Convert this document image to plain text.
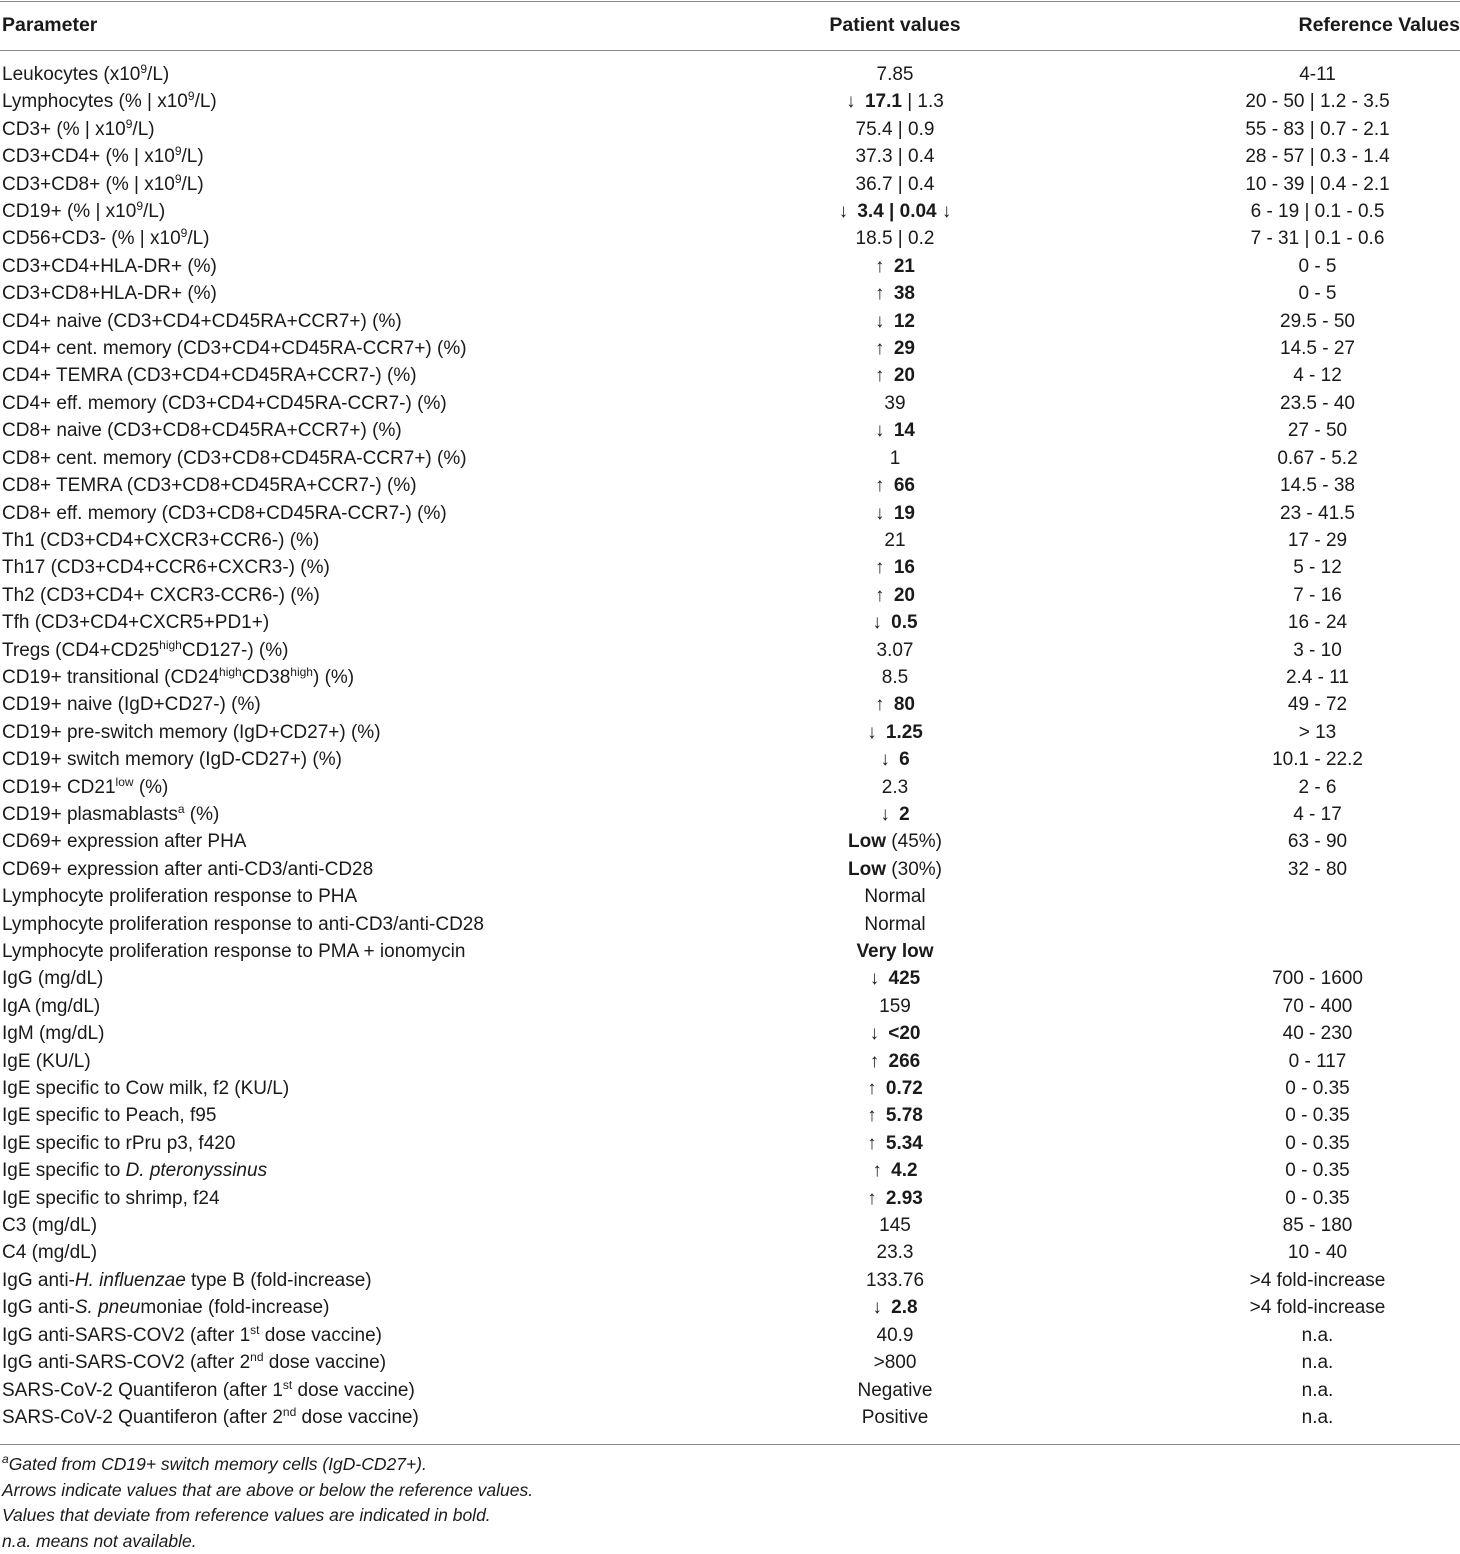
Parameter	Patient values	Reference Values
Leukocytes $(x10^9/L)$	7.85	4-11
Lymphocytes (% | $x10^9/L$)	↓ 17.1 | 1.3	20 - 50 | 1.2 - 3.5
CD3+ (% | $x10^9/L$)	75.4 | 0.9	55 - 83 | 0.7 - 2.1
CD3+CD4+ (% | $x10^9/L$)	37.3 | 0.4	28 - 57 | 0.3 - 1.4
CD3+CD8+ (% | $x10^9/L$)	36.7 | 0.4	10 - 39 | 0.4 - 2.1
CD19+ (% | $x10^9/L$)	↓ 3.4 | 0.04 ↓	6 - 19 | 0.1 - 0.5
CD56+CD3- (% | $x10^9/L$)	18.5 | 0.2	7 - 31 | 0.1 - 0.6
CD3+CD4+HLA-DR+ (%)	↑ 21	0 - 5
CD3+CD8+HLA-DR+ (%)	↑ 38	0 - 5
CD4+ naive (CD3+CD4+CD45RA+CCR7+) (%)	↓ 12	29.5 - 50
CD4+ cent. memory (CD3+CD4+CD45RA-CCR7+) (%)	↑ 29	14.5 - 27
CD4+ TEMRA (CD3+CD4+CD45RA+CCR7-) (%)	↑ 20	4 - 12
CD4+ eff. memory (CD3+CD4+CD45RA-CCR7-) (%)	39	23.5 - 40
CD8+ naive (CD3+CD8+CD45RA+CCR7+) (%)	↓ 14	27 - 50
CD8+ cent. memory (CD3+CD8+CD45RA-CCR7+) (%)	1	0.67 - 5.2
CD8+ TEMRA (CD3+CD8+CD45RA+CCR7-) (%)	↑ 66	14.5 - 38
CD8+ eff. memory (CD3+CD8+CD45RA-CCR7-) (%)	↓ 19	23 - 41.5
Th1 (CD3+CD4+CXCR3+CCR6-) (%)	21	17 - 29
Th17 (CD3+CD4+CCR6+CXCR3-) (%)	↑ 16	5 - 12
Th2 (CD3+CD4+ CXCR3-CCR6-) (%)	↑ 20	7 - 16
Tfh (CD3+CD4+CXCR5+PD1+)	↓ 0.5	16 - 24
Tregs $(CD4+CD25^{high}CD127-)$ (%)	3.07	3 - 10
CD19+ transitional $(CD24^{high}CD38^{high})$ (%)	8.5	2.4 - 11
CD19+ naive (IgD+CD27-) (%)	↑ 80	49 - 72
CD19+ pre-switch memory (IgD+CD27+) (%)	↓ 1.25	> 13
CD19+ switch memory (IgD-CD27+) (%)	↓ 6	10.1 - 22.2
$CD19+ CD21^{low}$ (%)	2.3	2 - 6
CD19+ plasmablasts$^a$ (%)	↓ 2	4 - 17
CD69+ expression after PHA	Low (45%)	63 - 90
CD69+ expression after anti-CD3/anti-CD28	Low (30%)	32 - 80
Lymphocyte proliferation response to PHA	Normal	
Lymphocyte proliferation response to anti-CD3/anti-CD28	Normal	
Lymphocyte proliferation response to PMA + ionomycin	Very low	
IgG (mg/dL)	↓ 425	700 - 1600
IgA (mg/dL)	159	70 - 400
IgM (mg/dL)	↓ <20	40 - 230
IgE (KU/L)	↑ 266	0 - 117
IgE specific to Cow milk, f2 (KU/L)	↑ 0.72	0 - 0.35
IgE specific to Peach, f95	↑ 5.78	0 - 0.35
IgE specific to rPru p3, f420	↑ 5.34	0 - 0.35
IgE specific to D. pteronyssinus	↑ 4.2	0 - 0.35
IgE specific to shrimp, f24	↑ 2.93	0 - 0.35
C3 (mg/dL)	145	85 - 180
C4 (mg/dL)	23.3	10 - 40
IgG anti-H. influenzae type B (fold-increase)	133.76	>4 fold-increase
IgG anti-S. pneumoniae (fold-increase)	↓ 2.8	>4 fold-increase
IgG anti-SARS-COV2 (after 1st dose vaccine)	40.9	n.a.
IgG anti-SARS-COV2 (after 2nd dose vaccine)	>800	n.a.
SARS-CoV-2 Quantiferon (after 1st dose vaccine)	Negative	n.a.
SARS-CoV-2 Quantiferon (after 2nd dose vaccine)	Positive	n.a.
$^a$Gated from CD19+ switch memory cells (IgD-CD27+).
Arrows indicate values that are above or below the reference values.
Values that deviate from reference values are indicated in bold.
n.a. means not available.
